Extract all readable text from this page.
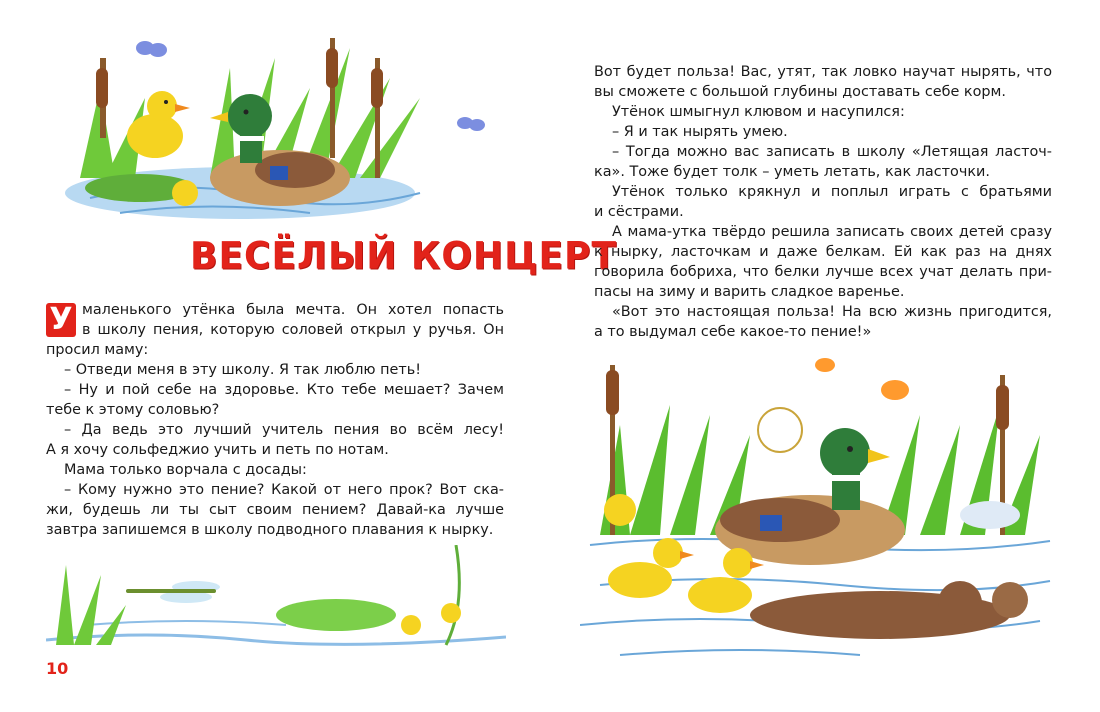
ВЕСЁЛЫЙ КОНЦЕРТ
У маленького утёнка была мечта. Он хотел попасть

в школу пения, которую соловей открыл у ручья. Он

просил маму:

– Отведи меня в эту школу. Я так люблю петь!

– Ну и пой себе на здоровье. Кто тебе мешает? Зачем

тебе к этому соловью?

– Да ведь это лучший учитель пения во всём лесу!

А я хочу сольфеджио учить и петь по нотам.

Мама только ворчала с досады:

– Кому нужно это пение? Какой от него прок? Вот ска-

жи, будешь ли ты сыт своим пением? Давай-ка лучше

завтра запишемся в школу подводного плавания к нырку.

10

Вот будет польза! Вас, утят, так ловко научат нырять, что

вы сможете с большой глубины доставать себе корм.

Утёнок шмыгнул клювом и насупился:

– Я и так нырять умею.

– Тогда можно вас записать в школу «Летящая ласточ-

ка». Тоже будет толк – уметь летать, как ласточки.

Утёнок только крякнул и поплыл играть с братьями

и сёстрами.

А мама-утка твёрдо решила записать своих детей сразу

к нырку, ласточкам и даже белкам. Ей как раз на днях

говорила бобриха, что белки лучше всех учат делать при-

пасы на зиму и варить сладкое варенье.

«Вот это настоящая польза! На всю жизнь пригодится,

а то выдумал себе какое-то пение!»
